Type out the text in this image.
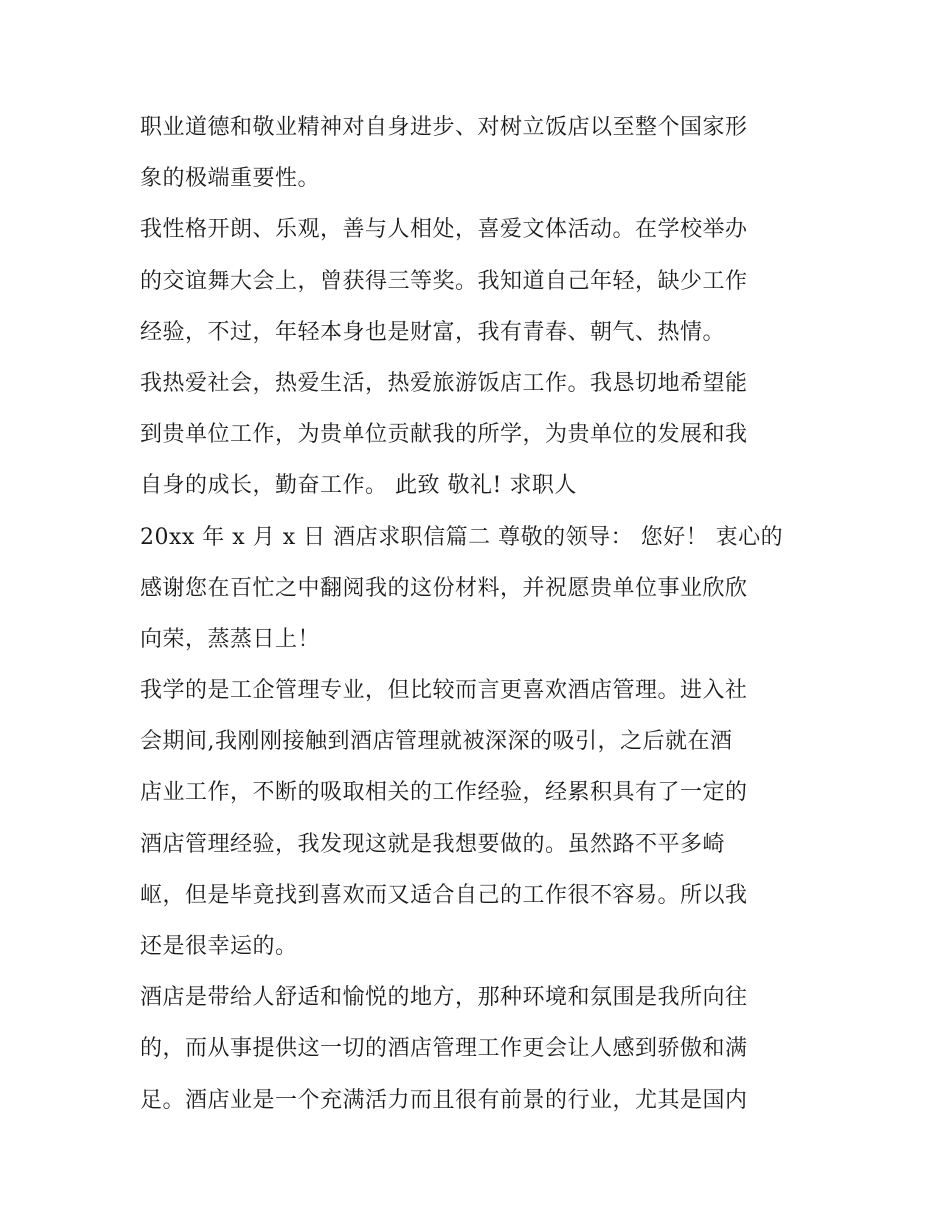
职业道德和敬业精神对自身进步、对树立饭店以至整个国家形
象的极端重要性。
我性格开朗、乐观，善与人相处，喜爱文体活动。在学校举办
的交谊舞大会上，曾获得三等奖。我知道自己年轻，缺少工作
经验，不过，年轻本身也是财富，我有青春、朝气、热情。
我热爱社会，热爱生活，热爱旅游饭店工作。我恳切地希望能
到贵单位工作，为贵单位贡献我的所学，为贵单位的发展和我
自身的成长，勤奋工作。 此致 敬礼! 求职人
20xx 年 x 月 x 日 酒店求职信篇二 尊敬的领导： 您好！ 衷心的
感谢您在百忙之中翻阅我的这份材料，并祝愿贵单位事业欣欣
向荣，蒸蒸日上！
我学的是工企管理专业，但比较而言更喜欢酒店管理。进入社
会期间,我刚刚接触到酒店管理就被深深的吸引，之后就在酒
店业工作，不断的吸取相关的工作经验，经累积具有了一定的
酒店管理经验，我发现这就是我想要做的。虽然路不平多崎
岖，但是毕竟找到喜欢而又适合自己的工作很不容易。所以我
还是很幸运的。
酒店是带给人舒适和愉悦的地方，那种环境和氛围是我所向往
的，而从事提供这一切的酒店管理工作更会让人感到骄傲和满
足。酒店业是一个充满活力而且很有前景的行业，尤其是国内
